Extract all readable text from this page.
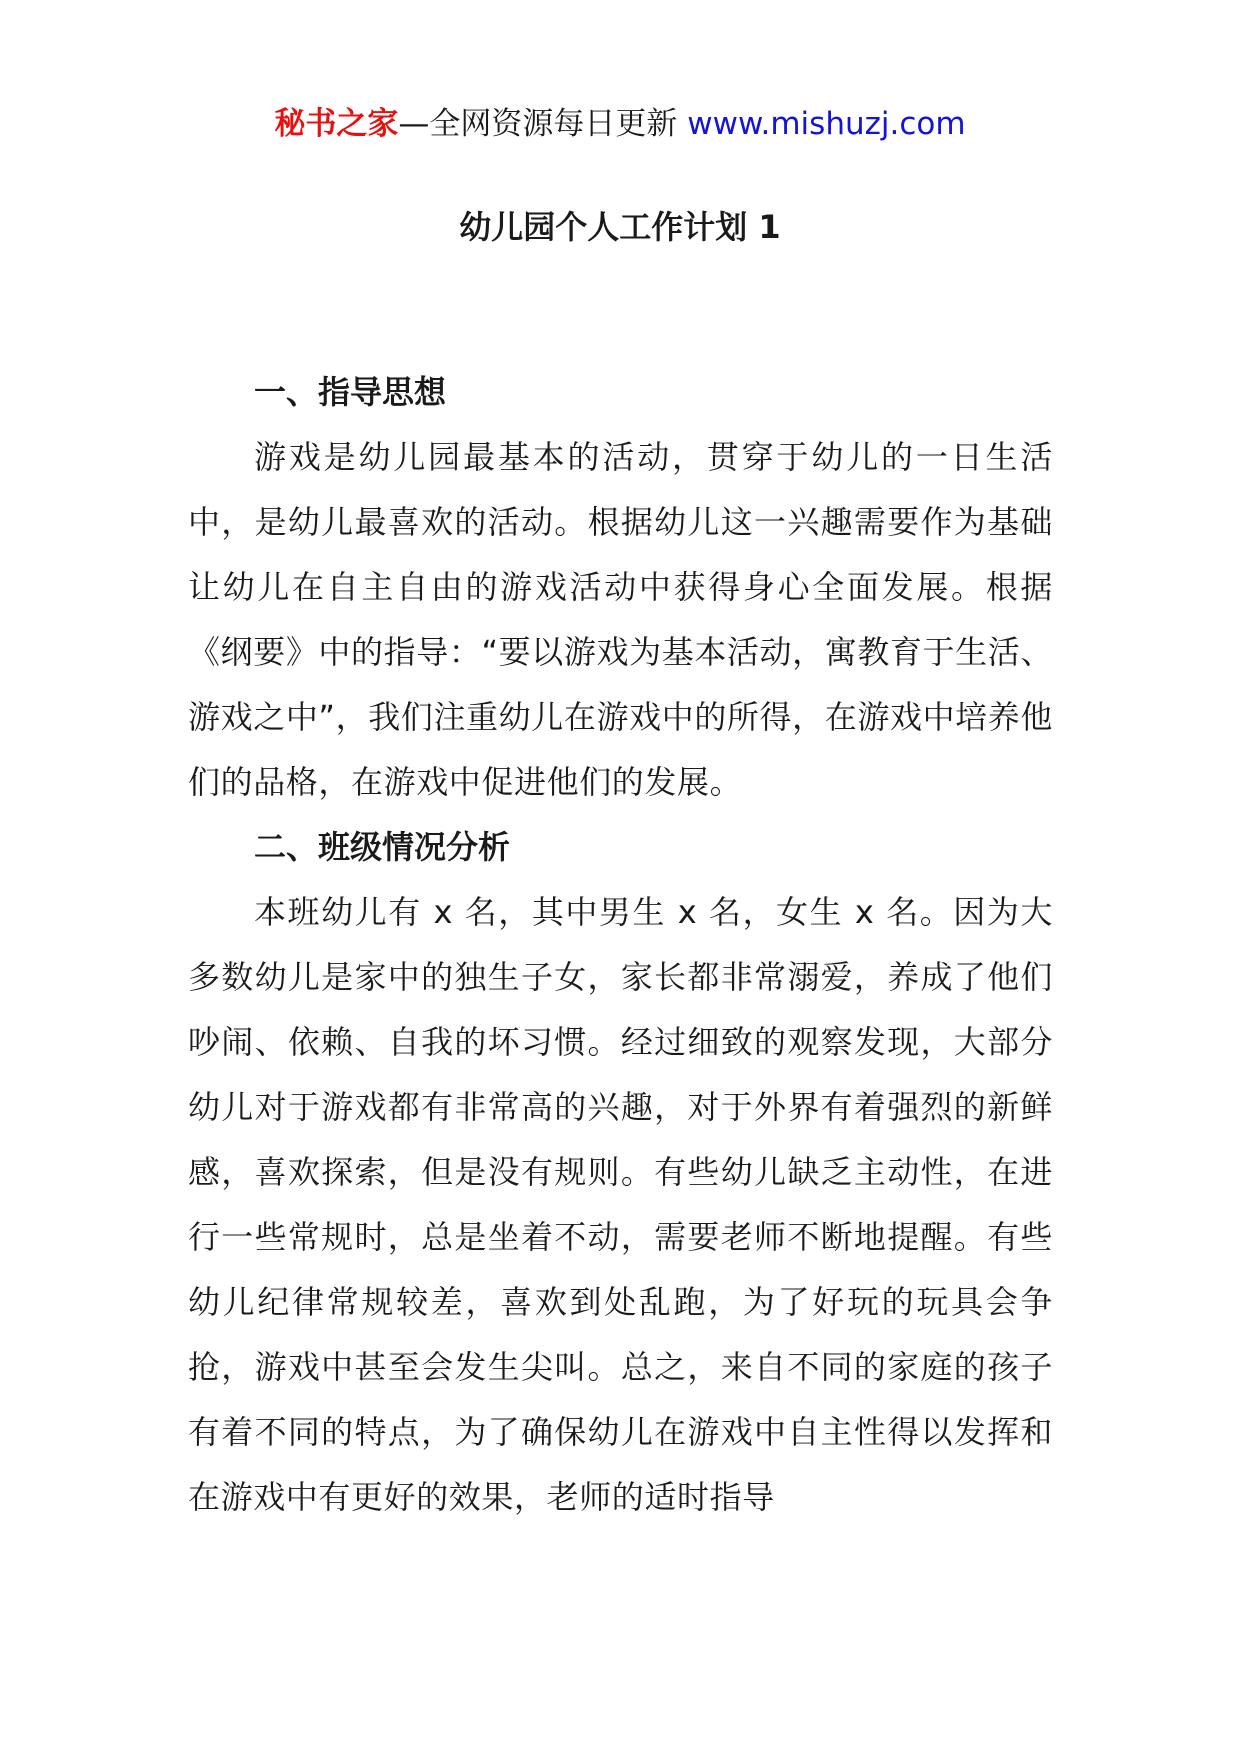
秘书之家—全网资源每日更新 www.mishuzj.com
幼儿园个人工作计划 1

一、指导思想

游戏是幼儿园最基本的活动，贯穿于幼儿的一日生活中，是幼儿最喜欢的活动。根据幼儿这一兴趣需要作为基础让幼儿在自主自由的游戏活动中获得身心全面发展。根据《纲要》中的指导：“要以游戏为基本活动，寓教育于生活、游戏之中”，我们注重幼儿在游戏中的所得，在游戏中培养他们的品格，在游戏中促进他们的发展。

二、班级情况分析

本班幼儿有 x 名，其中男生 x 名，女生 x 名。因为大多数幼儿是家中的独生子女，家长都非常溺爱，养成了他们吵闹、依赖、自我的坏习惯。经过细致的观察发现，大部分幼儿对于游戏都有非常高的兴趣，对于外界有着强烈的新鲜感，喜欢探索，但是没有规则。有些幼儿缺乏主动性，在进行一些常规时，总是坐着不动，需要老师不断地提醒。有些幼儿纪律常规较差，喜欢到处乱跑，为了好玩的玩具会争抢，游戏中甚至会发生尖叫。总之，来自不同的家庭的孩子有着不同的特点，为了确保幼儿在游戏中自主性得以发挥和在游戏中有更好的效果，老师的适时指导
